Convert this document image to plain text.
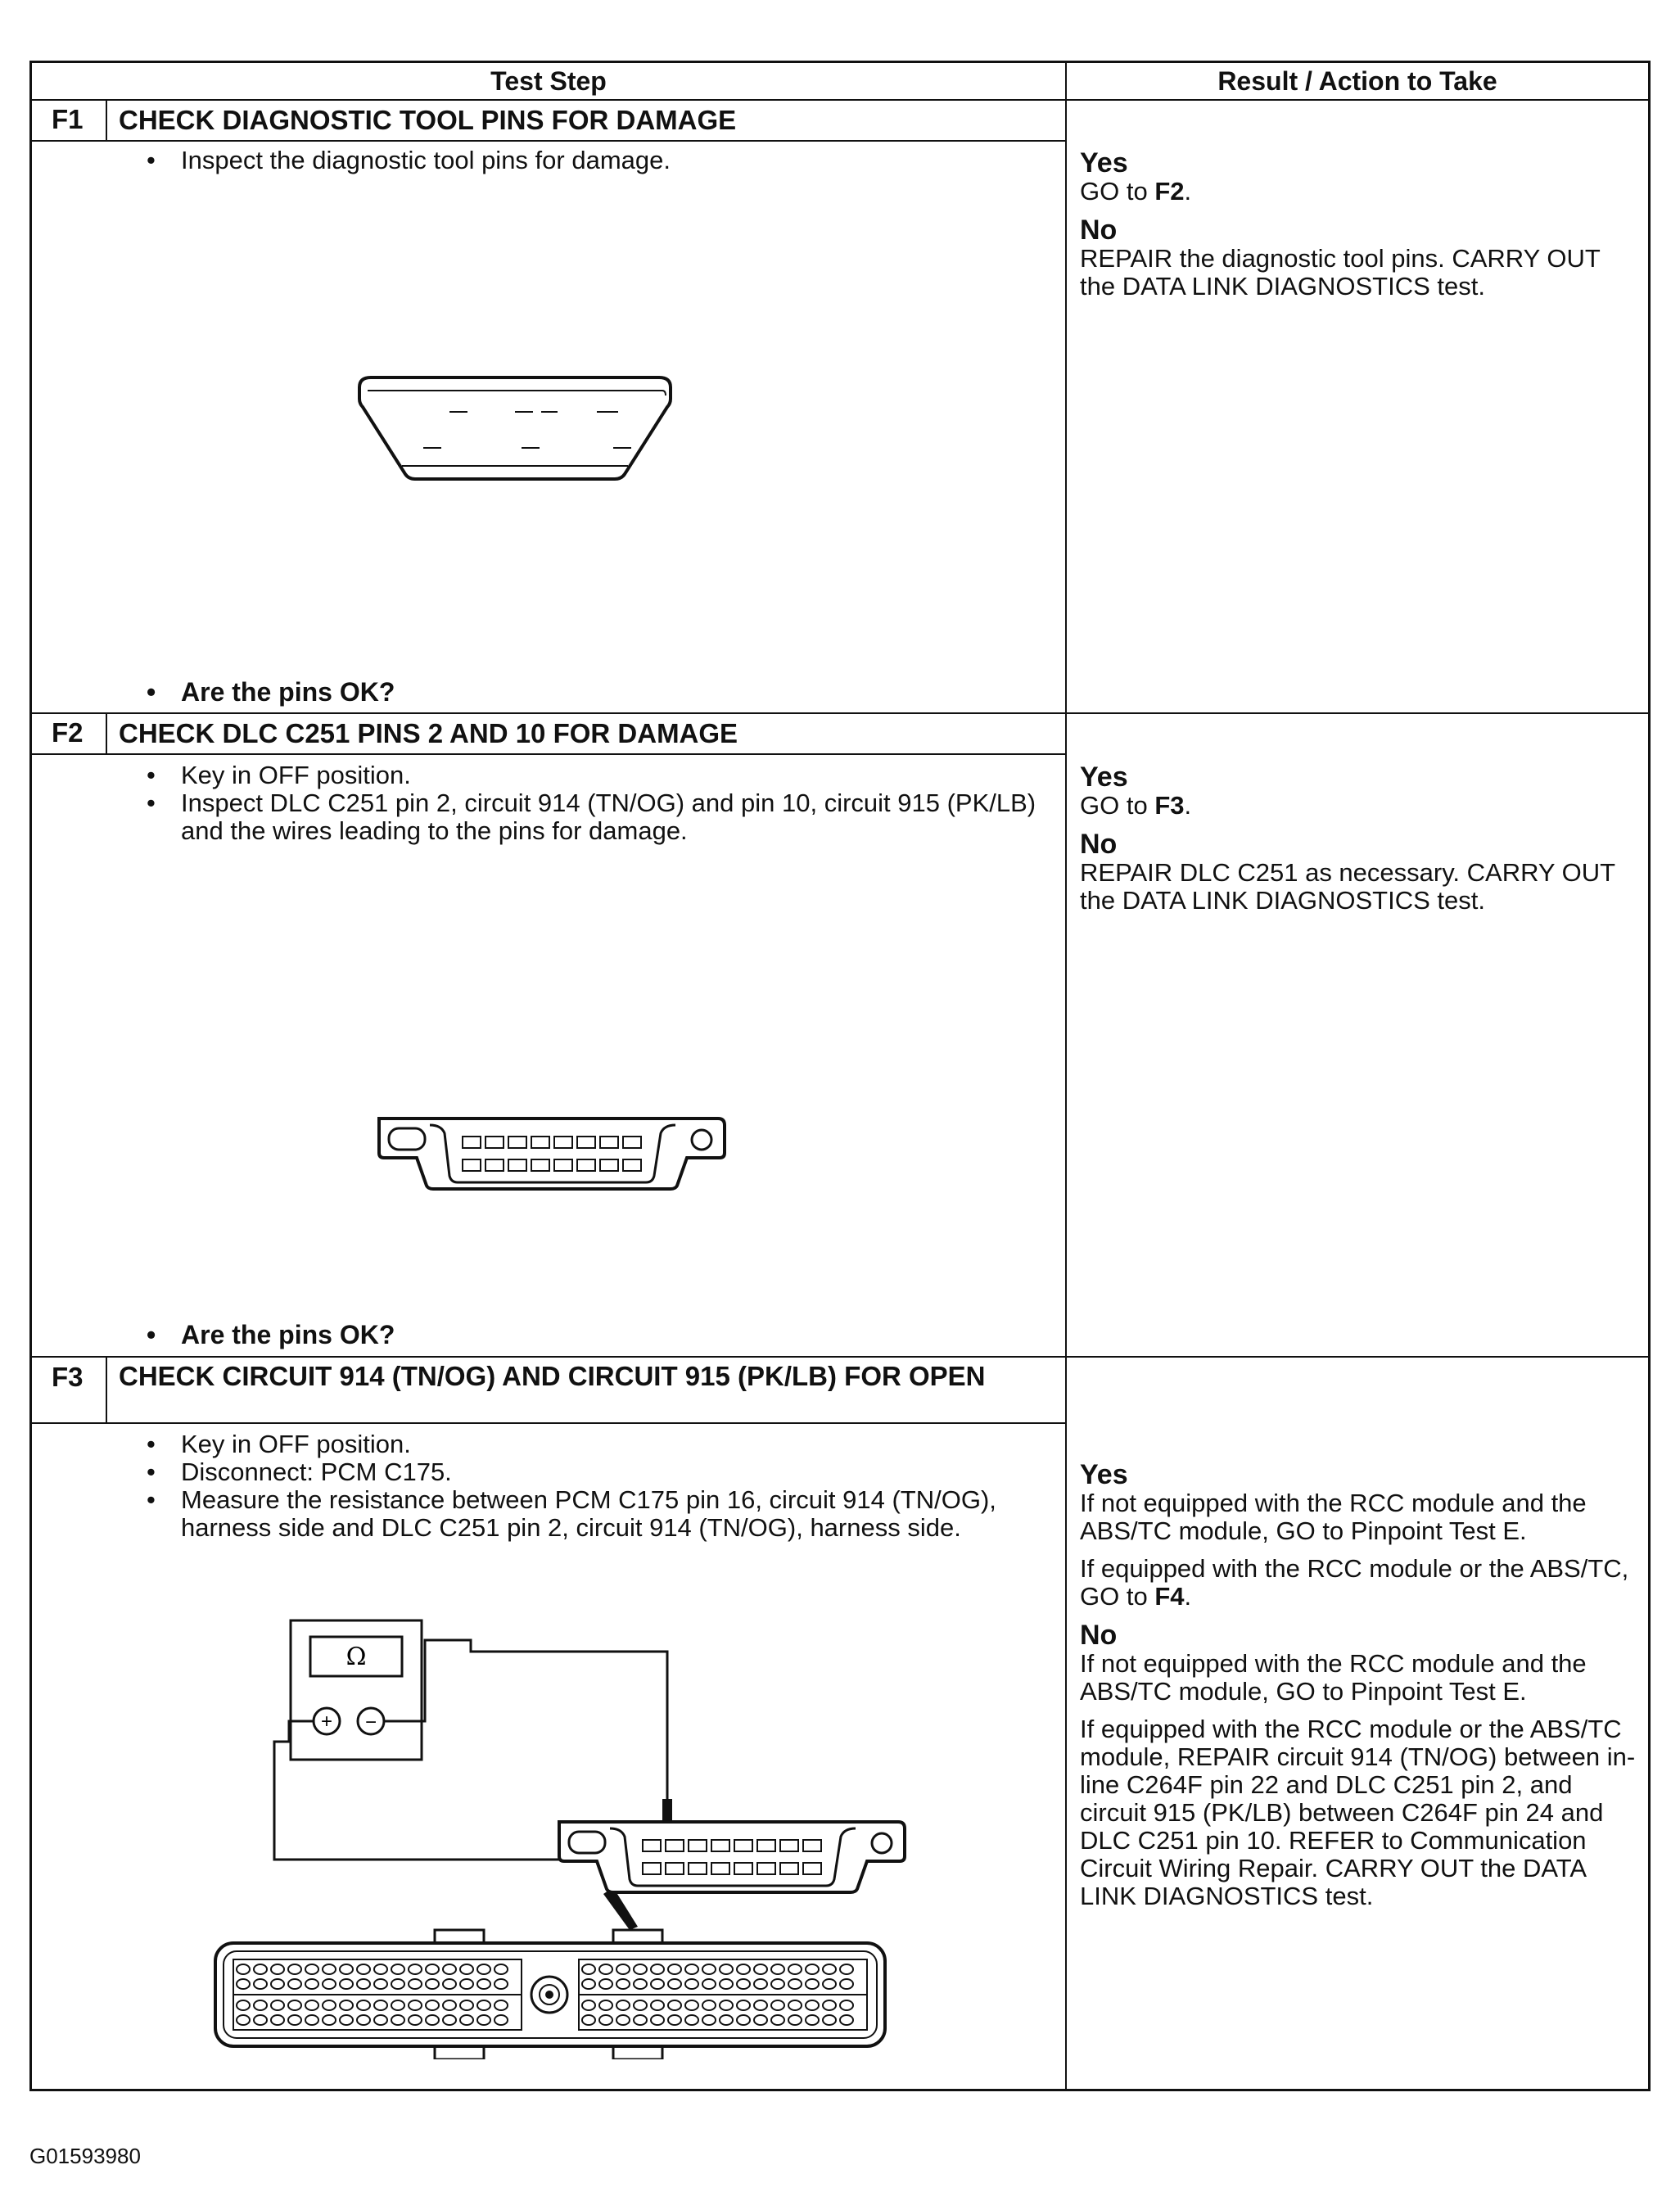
Test Step	Result / Action to Take
F1 CHECK DIAGNOSTIC TOOL PINS FOR DAMAGE
• Inspect the diagnostic tool pins for damage.
• Are the pins OK?
Yes
GO to F2.
No
REPAIR the diagnostic tool pins. CARRY OUT the DATA LINK DIAGNOSTICS test.
F2 CHECK DLC C251 PINS 2 AND 10 FOR DAMAGE
• Key in OFF position.
• Inspect DLC C251 pin 2, circuit 914 (TN/OG) and pin 10, circuit 915 (PK/LB) and the wires leading to the pins for damage.
• Are the pins OK?
Yes
GO to F3.
No
REPAIR DLC C251 as necessary. CARRY OUT the DATA LINK DIAGNOSTICS test.
F3 CHECK CIRCUIT 914 (TN/OG) AND CIRCUIT 915 (PK/LB) FOR OPEN
• Key in OFF position.
• Disconnect: PCM C175.
• Measure the resistance between PCM C175 pin 16, circuit 914 (TN/OG), harness side and DLC C251 pin 2, circuit 914 (TN/OG), harness side.
Ω
+ −
Yes
If not equipped with the RCC module and the ABS/TC module, GO to Pinpoint Test E.
If equipped with the RCC module or the ABS/TC, GO to F4.
No
If not equipped with the RCC module and the ABS/TC module, GO to Pinpoint Test E.
If equipped with the RCC module or the ABS/TC module, REPAIR circuit 914 (TN/OG) between in-line C264F pin 22 and DLC C251 pin 2, and circuit 915 (PK/LB) between C264F pin 24 and DLC C251 pin 10. REFER to Communication Circuit Wiring Repair. CARRY OUT the DATA LINK DIAGNOSTICS test.
G01593980
